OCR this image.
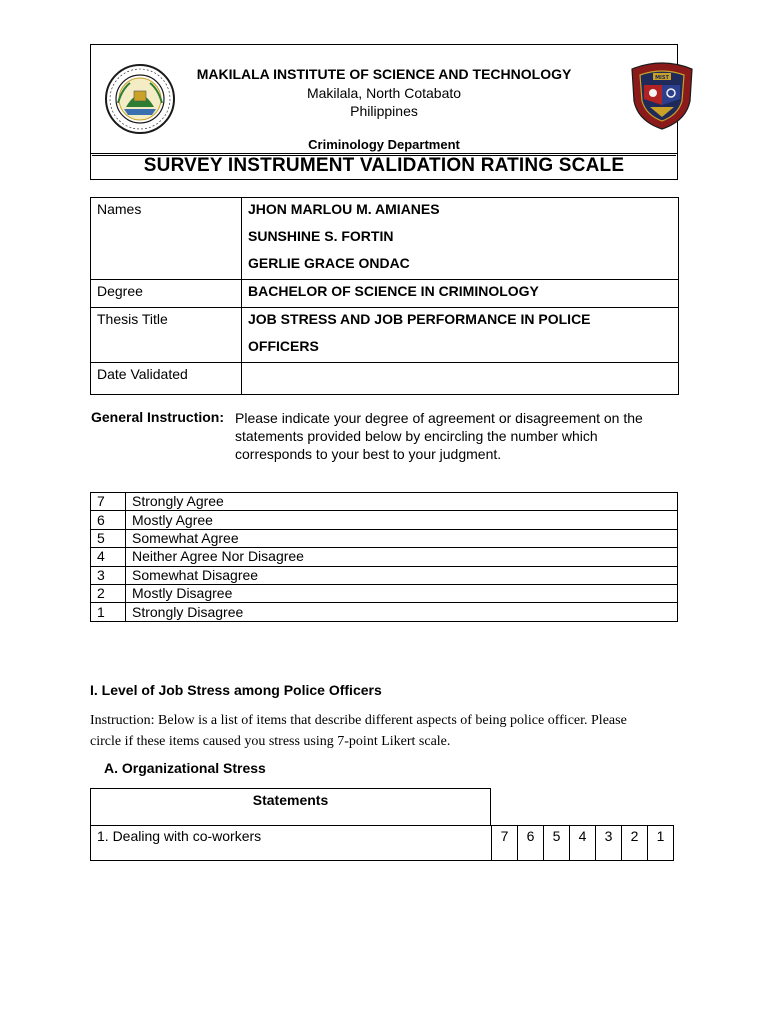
MIST
MAKILALA INSTITUTE OF SCIENCE AND TECHNOLOGY
Makilala, North Cotabato
Philippines
Criminology Department
SURVEY INSTRUMENT VALIDATION RATING SCALE
Names	JHON MARLOU M. AMIANES
SUNSHINE S. FORTIN
GERLIE GRACE ONDAC

Degree	BACHELOR OF SCIENCE IN CRIMINOLOGY

Thesis Title	JOB STRESS AND JOB PERFORMANCE IN POLICE
OFFICERS

Date Validated	

General Instruction: Please indicate your degree of agreement or disagreement on the
statements provided below by encircling the number which
corresponds to your best to your judgment.
7	Strongly Agree
6	Mostly Agree
5	Somewhat Agree
4	Neither Agree Nor Disagree
3	Somewhat Disagree
2	Mostly Disagree
1	Strongly Disagree
I. Level of Job Stress among Police Officers
Instruction: Below is a list of items that describe different aspects of being police officer. Please
circle if these items caused you stress using 7-point Likert scale.
A. Organizational Stress
Statements
1. Dealing with co-workers	7	6	5	4	3	2	1
